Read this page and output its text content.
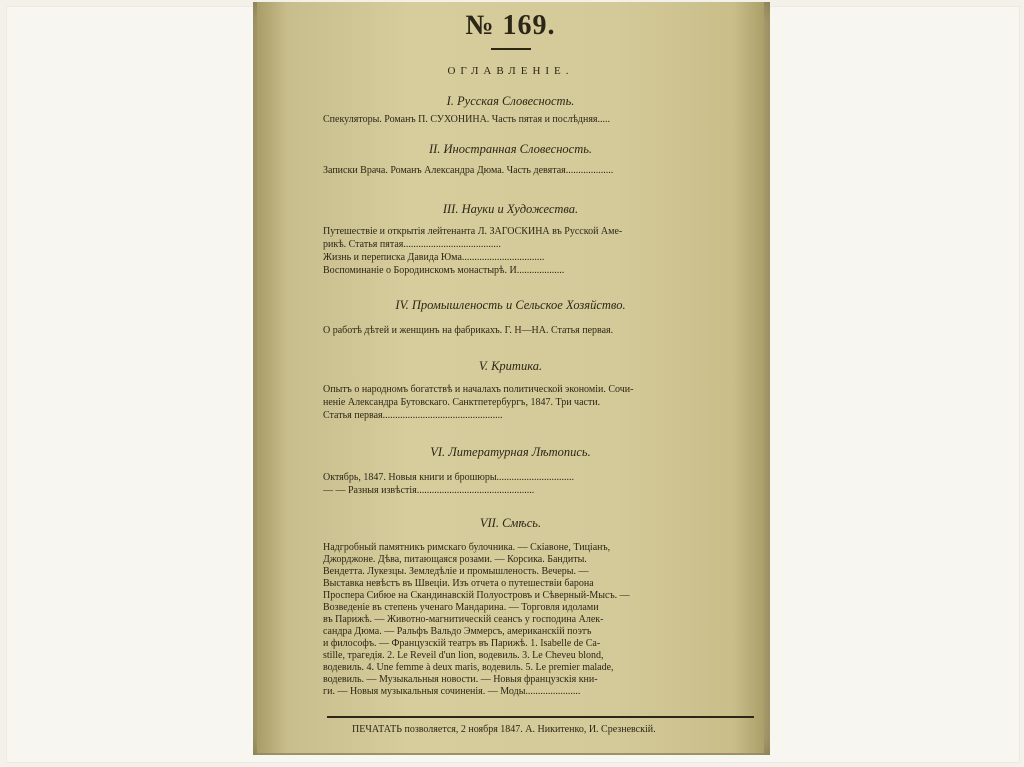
№ 169.
ОГЛАВЛЕНІЕ.
I. Русская Словесность.
Спекуляторы. Романъ П. СУХОНИНА. Часть пятая и послѣдняя.....
II. Иностранная Словесность.
Записки Врача. Романъ Александра Дюма. Часть девятая...................
III. Науки и Художества.
Путешествіе и открытія лейтенанта Л. ЗАГОСКИНА въ Русской Аме-
рикѣ. Статья пятая.......................................
Жизнь и переписка Давида Юма.................................
Воспоминаніе о Бородинскомъ монастырѣ. И...................
IV. Промышленость и Сельское Хозяйство.
О работѣ дѣтей и женщинъ на фабрикахъ. Г. Н—НА. Статья первая.
V. Критика.
Опытъ о народномъ богатствѣ и началахъ политической экономіи. Сочи-
неніе Александра Бутовскаго. Санктпетербургъ, 1847. Три части.
Статья первая................................................
VI. Литературная Лѣтопись.
Октябрь, 1847. Новыя книги и брошюры...............................
— — Разныя извѣстія...............................................
VII. Смѣсь.
Надгробный памятникъ римскаго булочника. — Скіавоне, Тиціанъ,
Джорджоне. Дѣва, питающаяся розами. — Корсика. Бандиты.
Вендетта. Лукезцы. Земледѣліе и промышленость. Вечеры. —
Выставка невѣстъ въ Швеціи. Изъ отчета о путешествіи барона
Проспера Сибюе на Скандинавскій Полуостровъ и Сѣверный-Мысъ. —
Возведеніе въ степень ученаго Мандарина. — Торговля идолами
въ Парижѣ. — Животно-магнитическій сеансъ у господина Алек-
сандра Дюма. — Ральфъ Вальдо Эммерсъ, американскій поэтъ
и философъ. — Французскій театръ въ Парижѣ. 1. Isabelle de Ca-
stille, трагедія. 2. Le Reveil d'un lion, водевиль. 3. Le Cheveu blond,
водевиль. 4. Une femme à deux maris, водевиль. 5. Le premier malade,
водевиль. — Музыкальныя новости. — Новыя французскія кни-
ги. — Новыя музыкальныя сочиненія. — Моды......................
ПЕЧАТАТЬ позволяется, 2 ноября 1847. А. Никитенко, И. Срезневскій.
